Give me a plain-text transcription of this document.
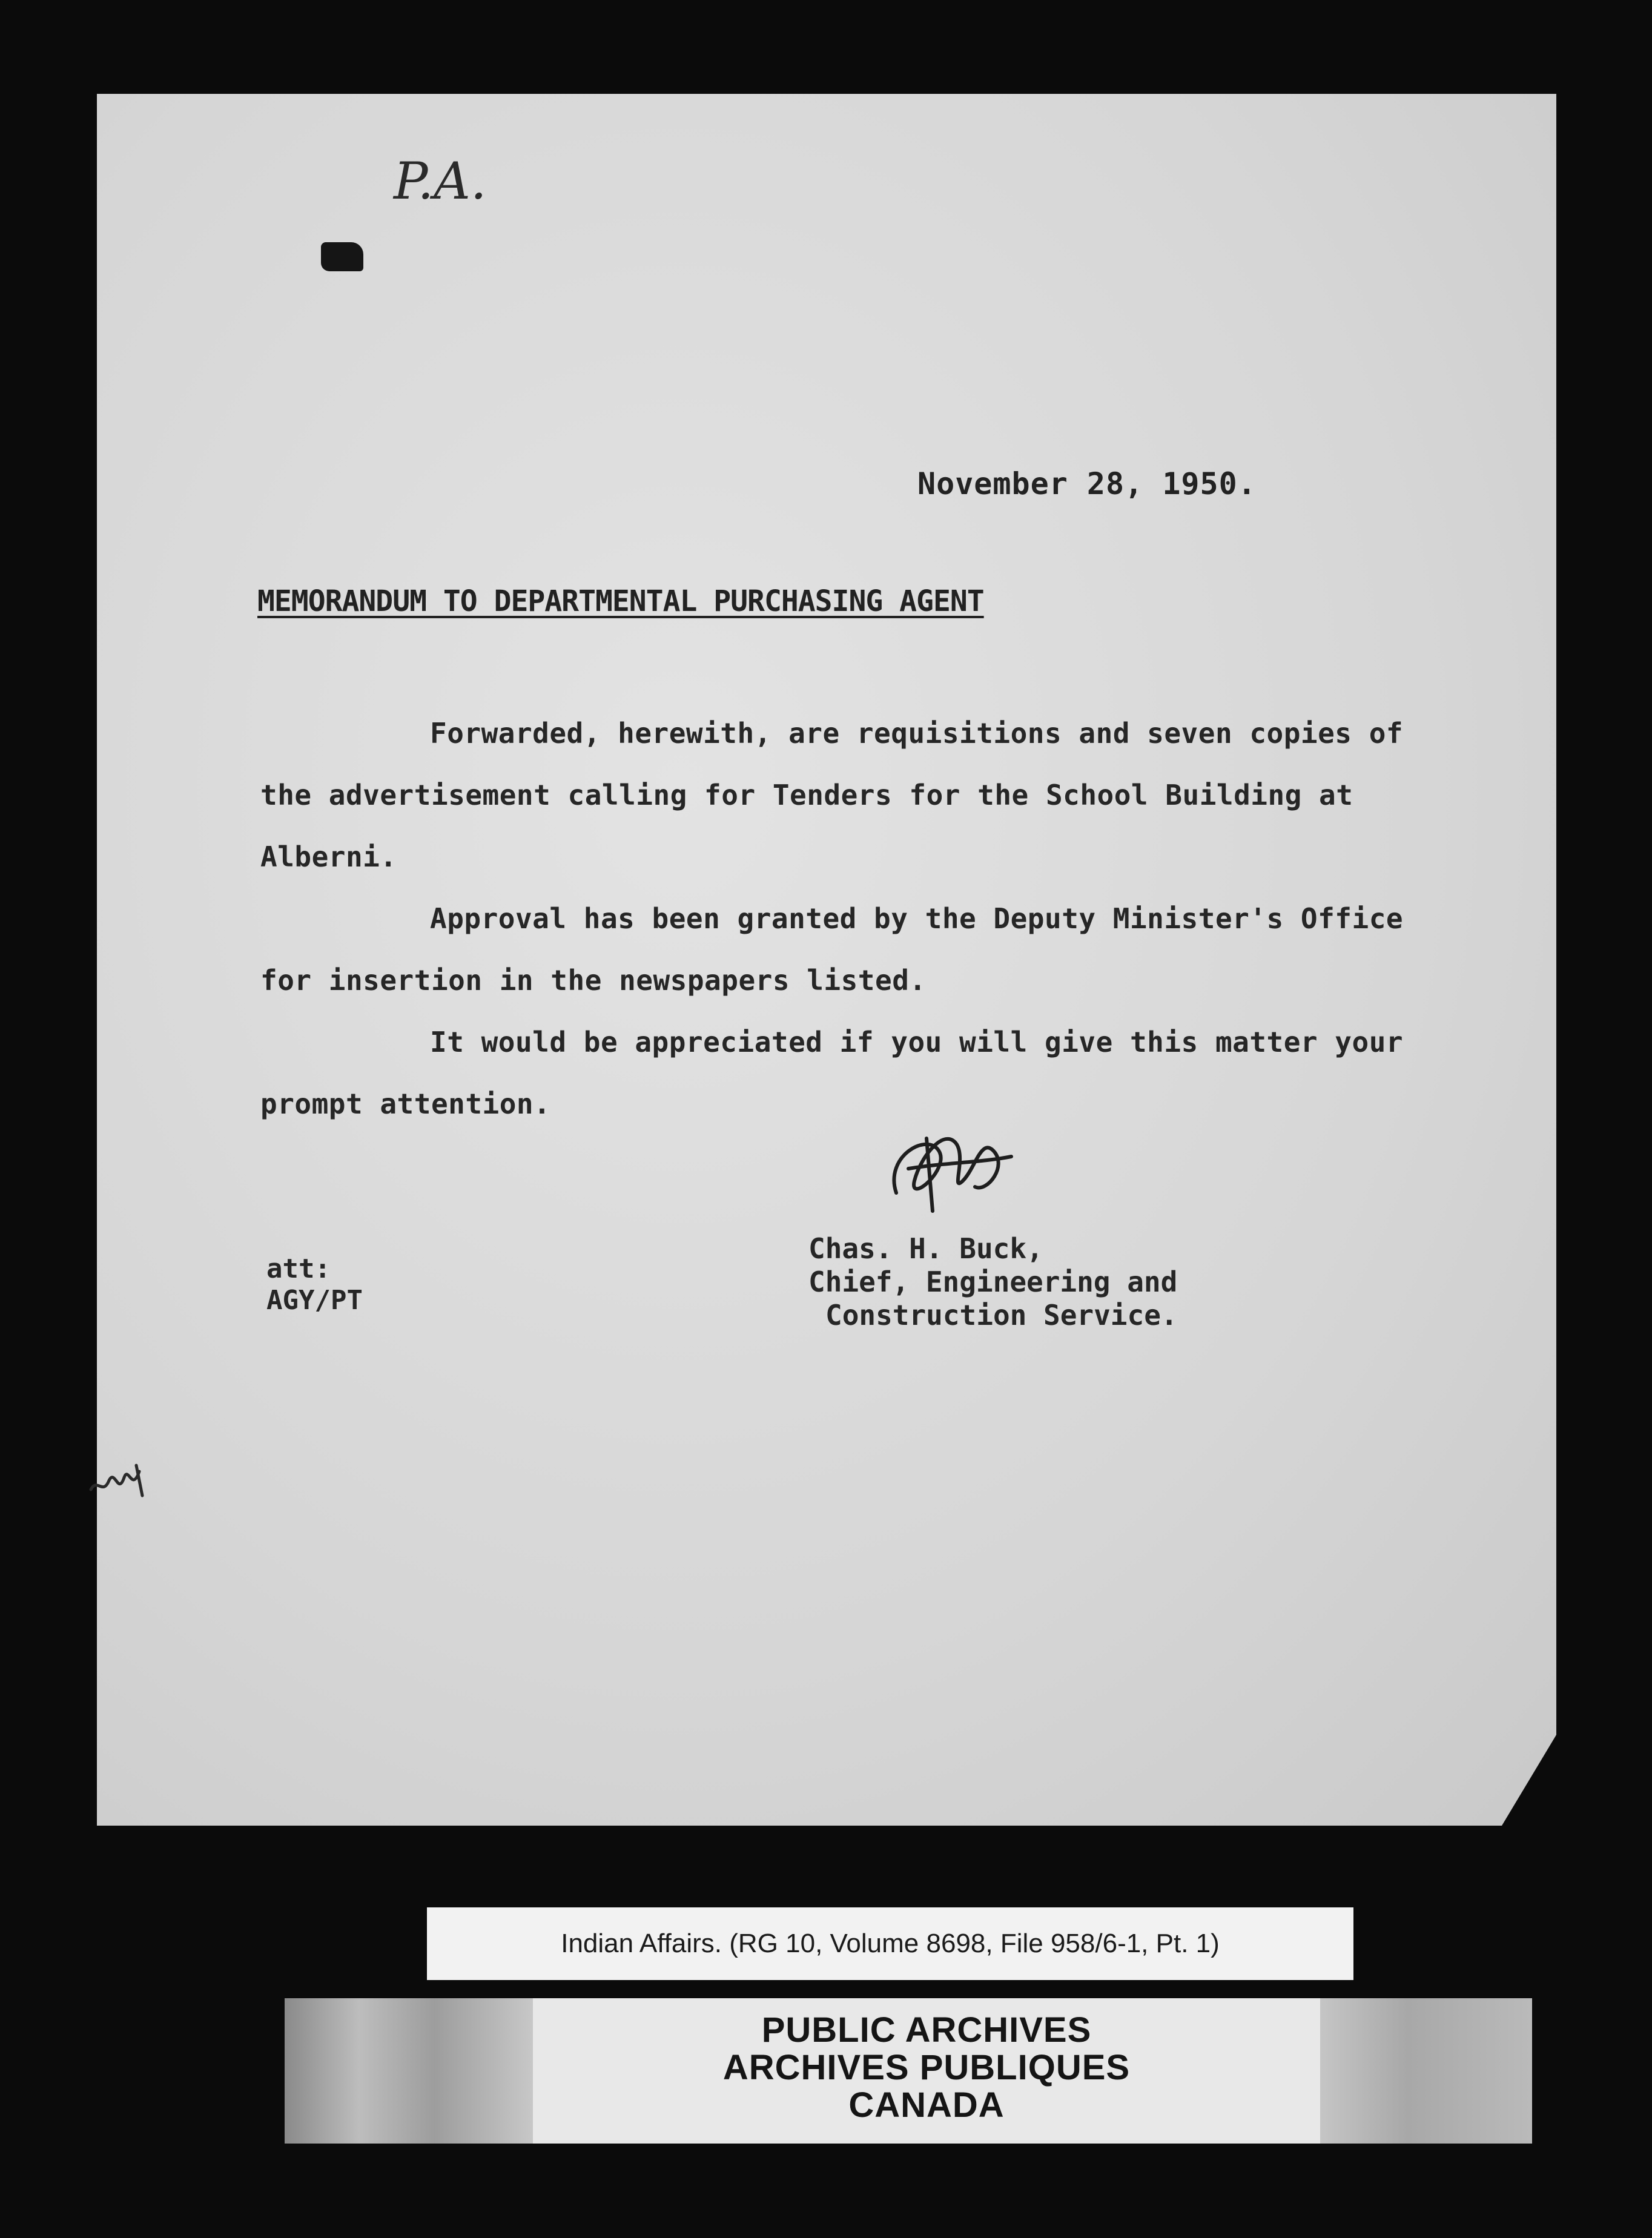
P.A.
November 28, 1950.
MEMORANDUM TO DEPARTMENTAL PURCHASING AGENT

Forwarded, herewith, are requisitions and seven copies of the advertisement calling for Tenders for the School Building at Alberni.

Approval has been granted by the Deputy Minister's Office for insertion in the newspapers listed.

It would be appreciated if you will give this matter your prompt attention.

Chas. H. Buck,
Chief, Engineering and
Construction Service.
att:
AGY/PT
Indian Affairs. (RG 10, Volume 8698, File 958/6-1, Pt. 1)
PUBLIC ARCHIVES
ARCHIVES PUBLIQUES
CANADA
